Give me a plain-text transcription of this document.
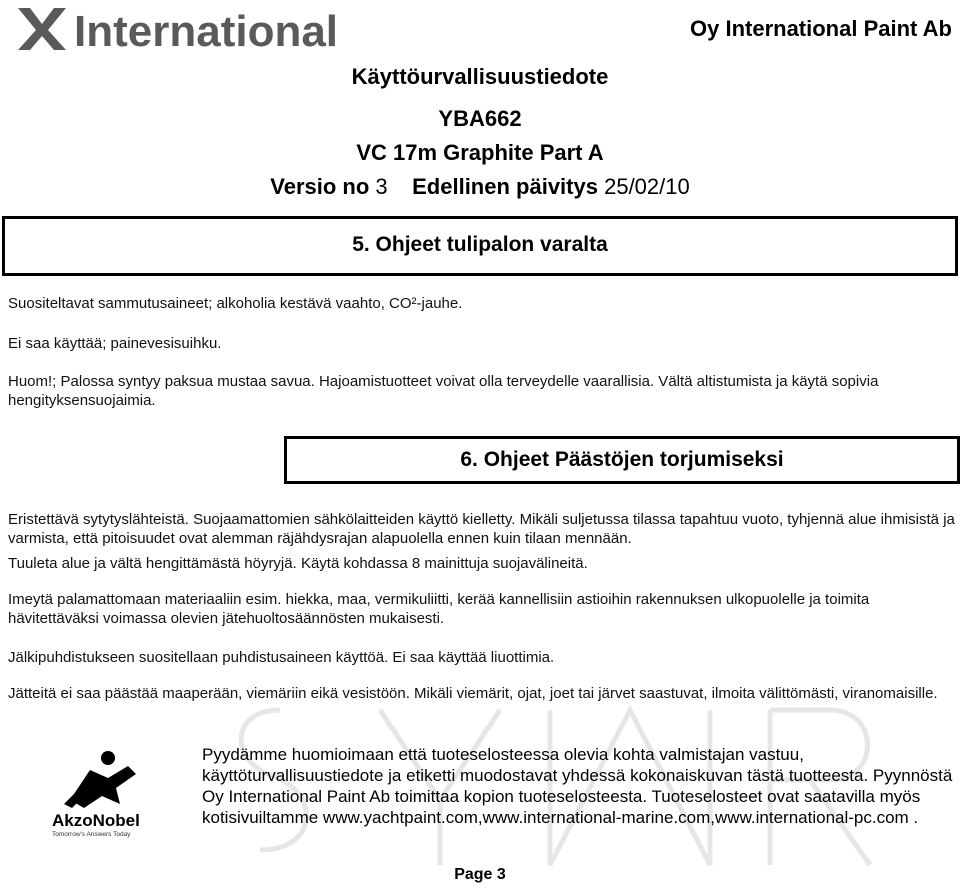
International	Oy International Paint Ab
Käyttöurvallisuustiedote
YBA662
VC 17m Graphite Part A
Versio no 3 Edellinen päivitys 25/02/10
5. Ohjeet tulipalon varalta
Suositeltavat sammutusaineet; alkoholia kestävä vaahto, CO²-jauhe.
Ei saa käyttää; painevesisuihku.
Huom!; Palossa syntyy paksua mustaa savua. Hajoamistuotteet voivat olla terveydelle vaarallisia. Vältä altistumista ja käytä sopivia hengityksensuojaimia.
6. Ohjeet Päästöjen torjumiseksi
Eristettävä sytytyslähteistä. Suojaamattomien sähkölaitteiden käyttö kielletty. Mikäli suljetussa tilassa tapahtuu vuoto, tyhjennä alue ihmisistä ja varmista, että pitoisuudet ovat alemman räjähdysrajan alapuolella ennen kuin tilaan mennään.
Tuuleta alue ja vältä hengittämästä höyryjä. Käytä kohdassa 8 mainittuja suojavälineitä.
Imeytä palamattomaan materiaaliin esim. hiekka, maa, vermikuliitti, kerää kannellisiin astioihin rakennuksen ulkopuolelle ja toimita hävitettäväksi voimassa olevien jätehuoltosäännösten mukaisesti.
Jälkipuhdistukseen suositellaan puhdistusaineen käyttöä. Ei saa käyttää liuottimia.
Jätteitä ei saa päästää maaperään, viemäriin eikä vesistöön. Mikäli viemärit, ojat, joet tai järvet saastuvat, ilmoita välittömästi, viranomaisille.
AkzoNobel
Tomorrow's Answers Today
Pyydämme huomioimaan että tuoteselosteessa olevia kohta valmistajan vastuu, käyttöturvallisuustiedote ja etiketti muodostavat yhdessä kokonaiskuvan tästä tuotteesta. Pyynnöstä Oy International Paint Ab toimittaa kopion tuoteselosteesta. Tuoteselosteet ovat saatavilla myös kotisivuiltamme www.yachtpaint.com,www.international-marine.com,www.international-pc.com .
Page 3
